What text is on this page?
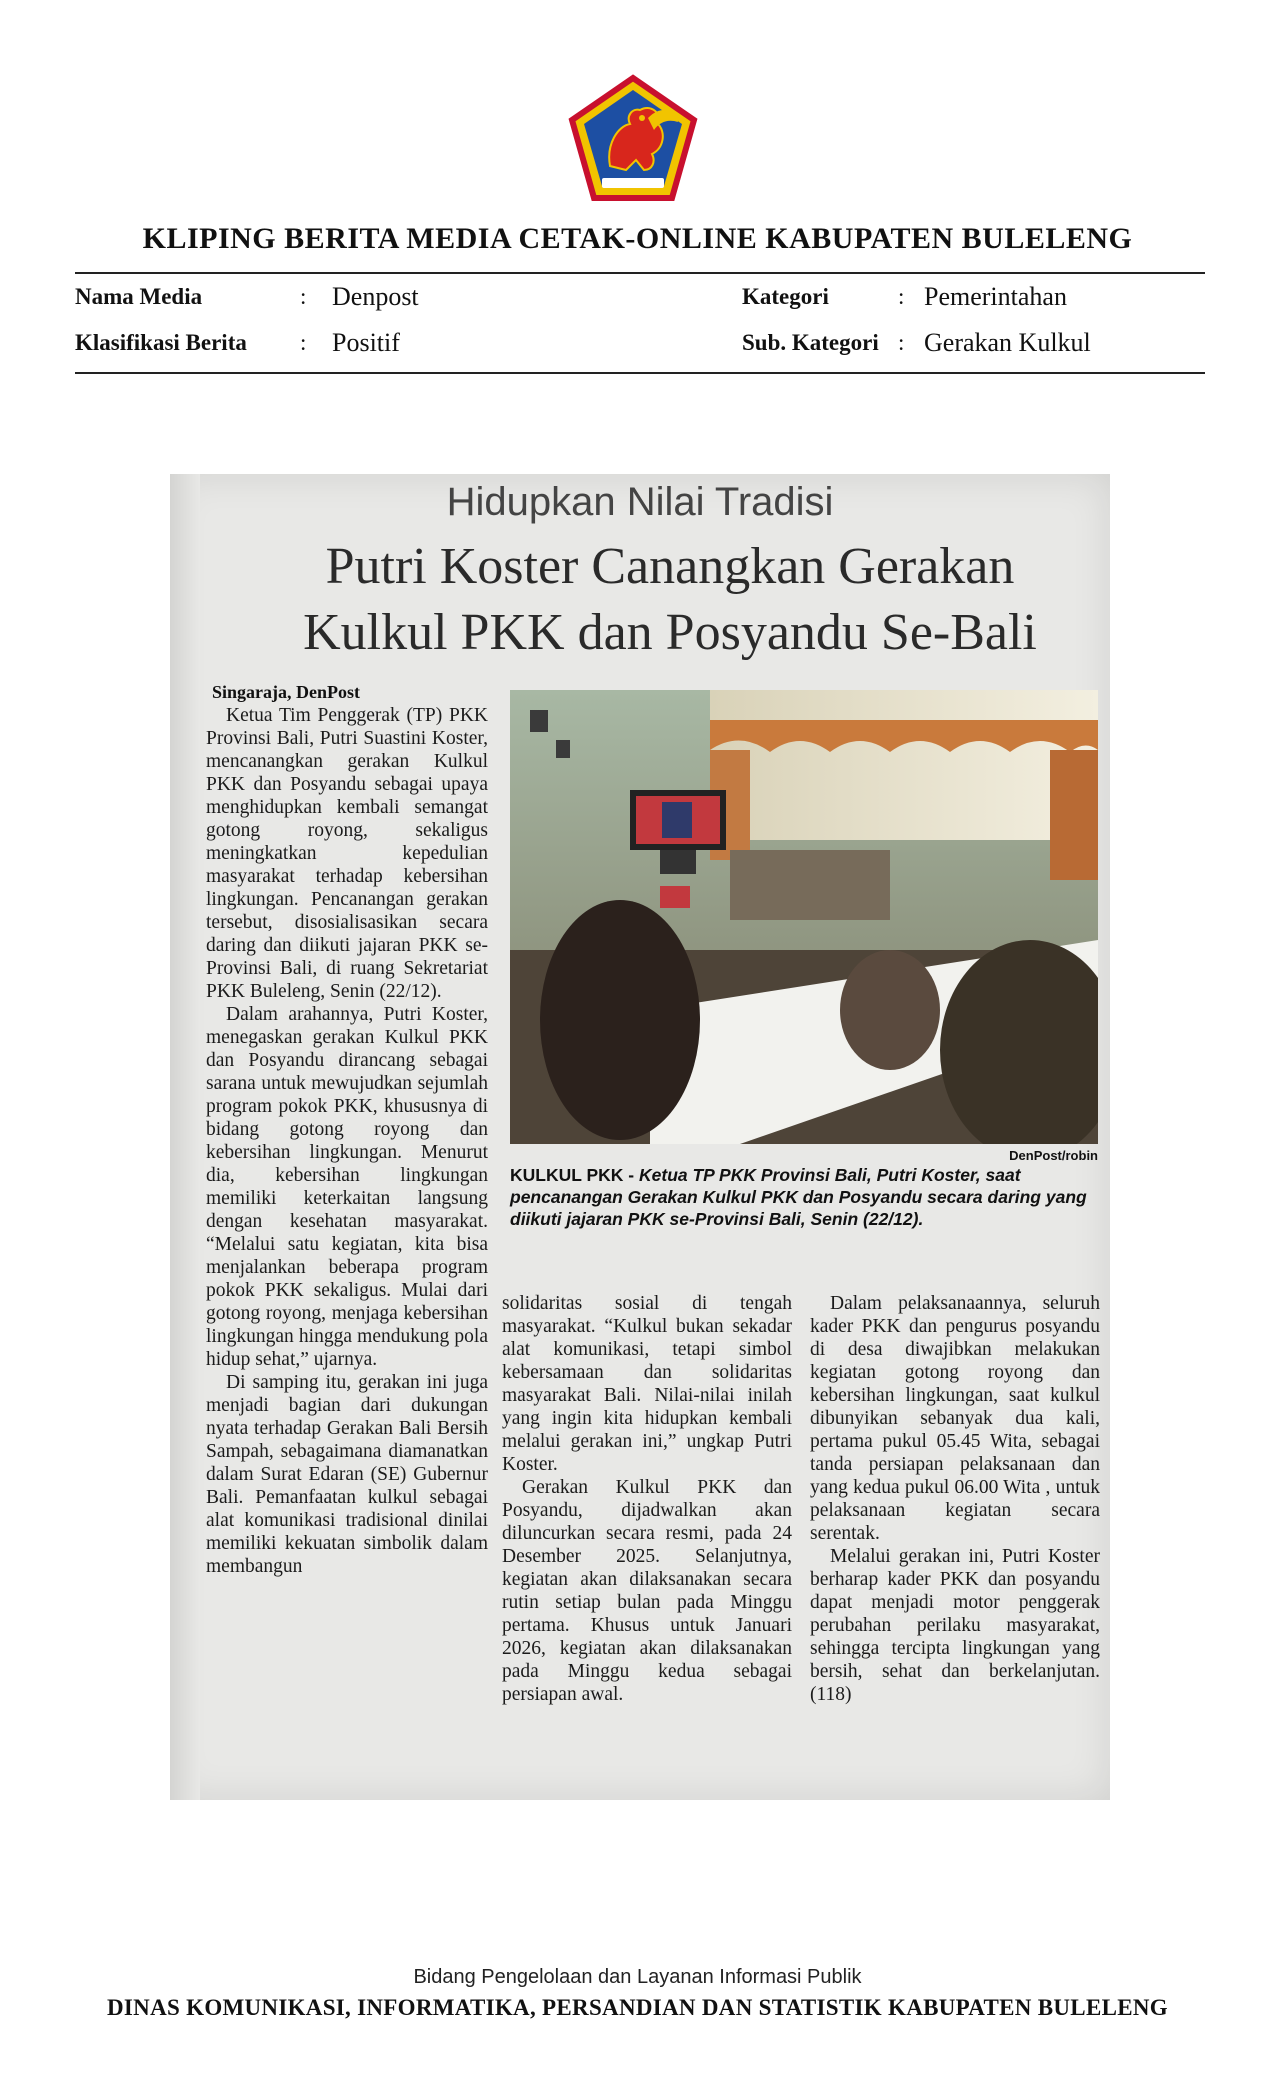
KLIPING BERITA MEDIA CETAK-ONLINE KABUPATEN BULELENG
Nama Media	: Denpost
Klasifikasi Berita : Positif
Kategori	: Pemerintahan
Sub. Kategori : Gerakan Kulkul
Hidupkan Nilai Tradisi
Putri Koster Canangkan Gerakan
Kulkul PKK dan Posyandu Se-Bali
Singaraja, DenPost

Ketua Tim Penggerak (TP) PKK Provinsi Bali, Putri Suastini Koster, mencanangkan gerakan Kulkul PKK dan Posyandu sebagai upaya menghidupkan kembali semangat gotong royong, sekaligus meningkatkan kepedulian masyarakat terhadap kebersihan lingkungan. Pencanangan gerakan tersebut, disosialisasikan secara daring dan diikuti jajaran PKK se- Provinsi Bali, di ruang Sekretariat PKK Buleleng, Senin (22/12).

Dalam arahannya, Putri Koster, menegaskan gerakan Kulkul PKK dan Posyandu dirancang sebagai sarana untuk mewujudkan sejumlah program pokok PKK, khususnya di bidang gotong royong dan kebersihan lingkungan. Menurut dia, kebersihan lingkungan memiliki keterkaitan langsung dengan kesehatan masyarakat. “Melalui satu kegiatan, kita bisa menjalankan beberapa program pokok PKK sekaligus. Mulai dari gotong royong, menjaga kebersihan lingkungan hingga mendukung pola hidup sehat,” ujarnya.

Di samping itu, gerakan ini juga menjadi bagian dari dukungan nyata terhadap Gerakan Bali Bersih Sampah, sebagaimana diamanatkan dalam Surat Edaran (SE) Gubernur Bali. Pemanfaatan kulkul sebagai alat komunikasi tradisional dinilai memiliki kekuatan simbolik dalam membangun

DenPost/robin
KULKUL PKK - Ketua TP PKK Provinsi Bali, Putri Koster, saat pencanangan Gerakan Kulkul PKK dan Posyandu secara daring yang diikuti jajaran PKK se-Provinsi Bali, Senin (22/12).

solidaritas sosial di tengah masyarakat. “Kulkul bukan sekadar alat komunikasi, tetapi simbol kebersamaan dan solidaritas masyarakat Bali. Nilai-nilai inilah yang ingin kita hidupkan kembali melalui gerakan ini,” ungkap Putri Koster.

Gerakan Kulkul PKK dan Posyandu, dijadwalkan akan diluncurkan secara resmi, pada 24 Desember 2025. Selanjutnya, kegiatan akan dilaksanakan secara rutin setiap bulan pada Minggu pertama. Khusus untuk Januari 2026, kegiatan akan dilaksanakan pada Minggu kedua sebagai persiapan awal.

Dalam pelaksanaannya, seluruh kader PKK dan pengurus posyandu di desa diwajibkan melakukan kegiatan gotong royong dan kebersihan lingkungan, saat kulkul dibunyikan sebanyak dua kali, pertama pukul 05.45 Wita, sebagai tanda persiapan pelaksanaan dan yang kedua pukul 06.00 Wita , untuk pelaksanaan kegiatan secara serentak.

Melalui gerakan ini, Putri Koster berharap kader PKK dan posyandu dapat menjadi motor penggerak perubahan perilaku masyarakat, sehingga tercipta lingkungan yang bersih, sehat dan berkelanjutan. (118)

Bidang Pengelolaan dan Layanan Informasi Publik
DINAS KOMUNIKASI, INFORMATIKA, PERSANDIAN DAN STATISTIK KABUPATEN BULELENG
